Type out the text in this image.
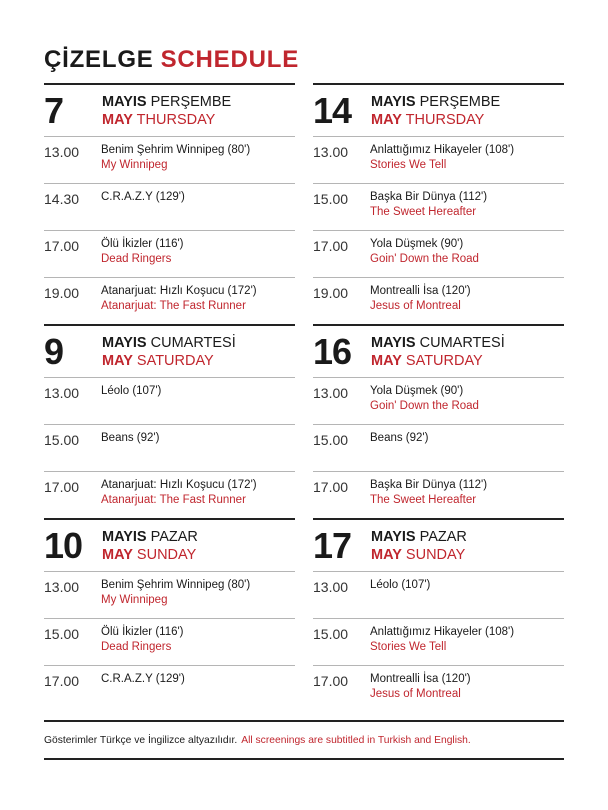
ÇİZELGE SCHEDULE
7	MAYIS PERŞEMBE
MAY THURSDAY
13.00	Benim Şehrim Winnipeg (80')
My Winnipeg
14.30	C.R.A.Z.Y (129')
17.00	Ölü İkizler (116')
Dead Ringers
19.00	Atanarjuat: Hızlı Koşucu (172')
Atanarjuat: The Fast Runner
14	MAYIS PERŞEMBE
MAY THURSDAY
13.00	Anlattığımız Hikayeler (108')
Stories We Tell
15.00	Başka Bir Dünya (112')
The Sweet Hereafter
17.00	Yola Düşmek (90')
Goin' Down the Road
19.00	Montrealli İsa (120')
Jesus of Montreal
9	MAYIS CUMARTESİ
MAY SATURDAY
13.00	Léolo (107')
15.00	Beans (92')
17.00	Atanarjuat: Hızlı Koşucu (172')
Atanarjuat: The Fast Runner
16	MAYIS CUMARTESİ
MAY SATURDAY
13.00	Yola Düşmek (90')
Goin' Down the Road
15.00	Beans (92')
17.00	Başka Bir Dünya (112')
The Sweet Hereafter
10	MAYIS PAZAR
MAY SUNDAY
13.00	Benim Şehrim Winnipeg (80')
My Winnipeg
15.00	Ölü İkizler (116')
Dead Ringers
17.00	C.R.A.Z.Y (129')
17	MAYIS PAZAR
MAY SUNDAY
13.00	Léolo (107')
15.00	Anlattığımız Hikayeler (108')
Stories We Tell
17.00	Montrealli İsa (120')
Jesus of Montreal
Gösterimler Türkçe ve İngilizce altyazılıdır. All screenings are subtitled in Turkish and English.
